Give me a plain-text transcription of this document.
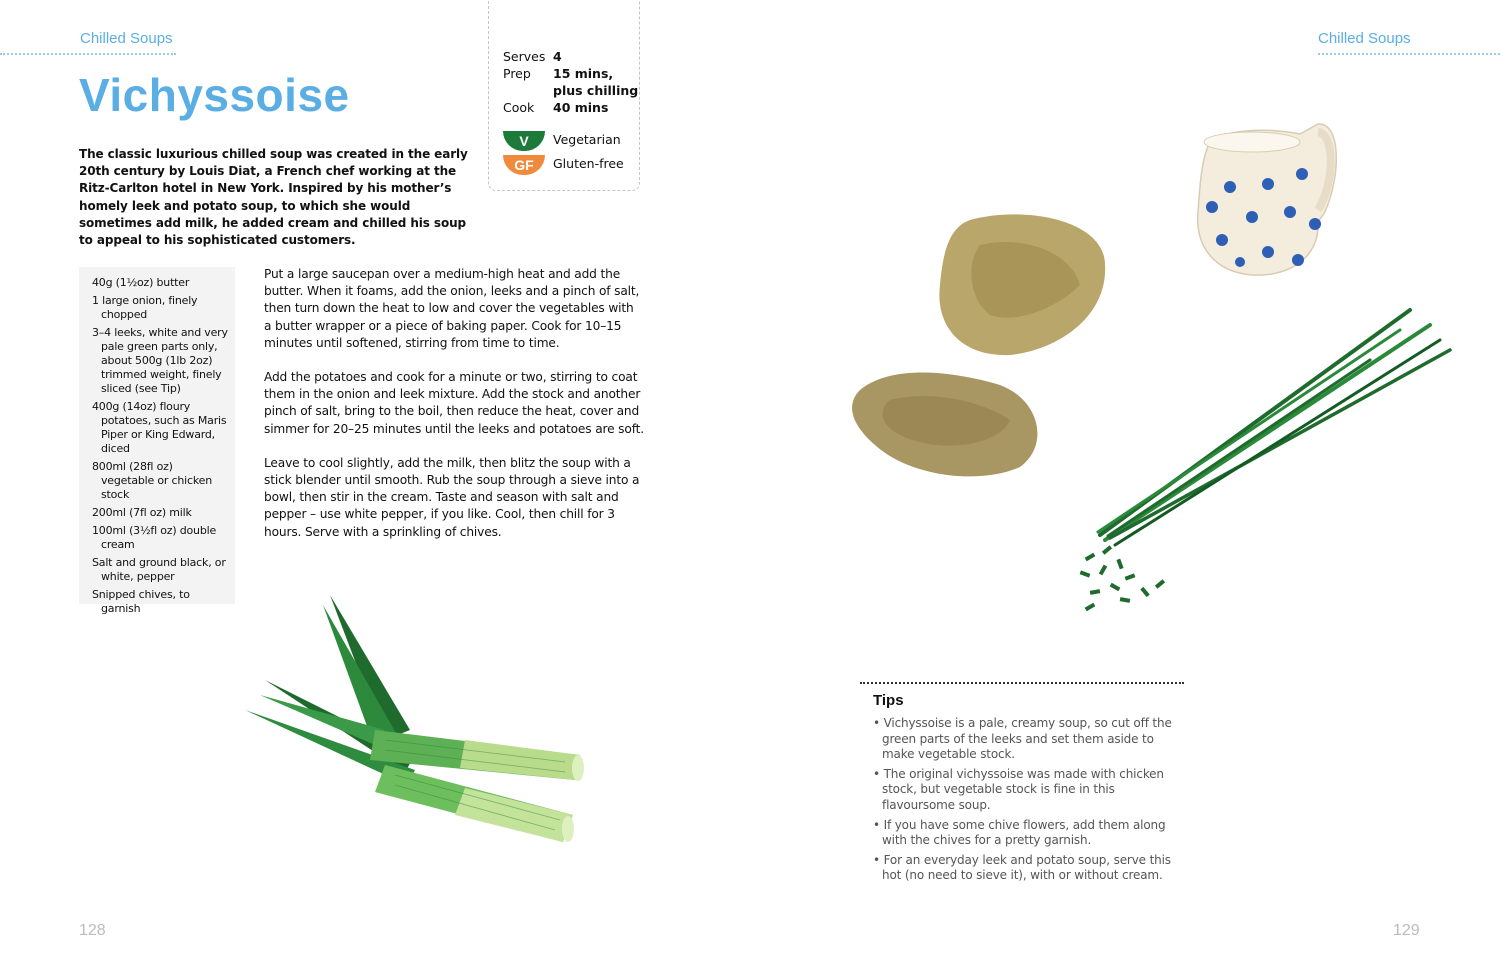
Chilled Soups
Vichyssoise
The classic luxurious chilled soup was created in the early 20th century by Louis Diat, a French chef working at the Ritz-Carlton hotel in New York. Inspired by his mother’s homely leek and potato soup, to which she would sometimes add milk, he added cream and chilled his soup to appeal to his sophisticated customers.
Serves 4
Prep	15 mins, plus chilling
Cook	40 mins
V	Vegetarian
GF	Gluten-free
40g (1½oz) butter
1 large onion, finely chopped
3–4 leeks, white and very pale green parts only, about 500g (1lb 2oz) trimmed weight, finely sliced (see Tip)
400g (14oz) floury potatoes, such as Maris Piper or King Edward, diced
800ml (28fl oz) vegetable or chicken stock
200ml (7fl oz) milk
100ml (3½fl oz) double cream
Salt and ground black, or white, pepper
Snipped chives, to garnish

Put a large saucepan over a medium-high heat and add the butter. When it foams, add the onion, leeks and a pinch of salt, then turn down the heat to low and cover the vegetables with a butter wrapper or a piece of baking paper. Cook for 10–15 minutes until softened, stirring from time to time.

Add the potatoes and cook for a minute or two, stirring to coat them in the onion and leek mixture. Add the stock and another pinch of salt, bring to the boil, then reduce the heat, cover and simmer for 20–25 minutes until the leeks and potatoes are soft.

Leave to cool slightly, add the milk, then blitz the soup with a stick blender until smooth. Rub the soup through a sieve into a bowl, then stir in the cream. Taste and season with salt and pepper – use white pepper, if you like. Cool, then chill for 3 hours. Serve with a sprinkling of chives.

128
Chilled Soups
Tips
• Vichyssoise is a pale, creamy soup, so cut off the green parts of the leeks and set them aside to make vegetable stock.
• The original vichyssoise was made with chicken stock, but vegetable stock is fine in this flavoursome soup.
• If you have some chive flowers, add them along with the chives for a pretty garnish.
• For an everyday leek and potato soup, serve this hot (no need to sieve it), with or without cream.
129
